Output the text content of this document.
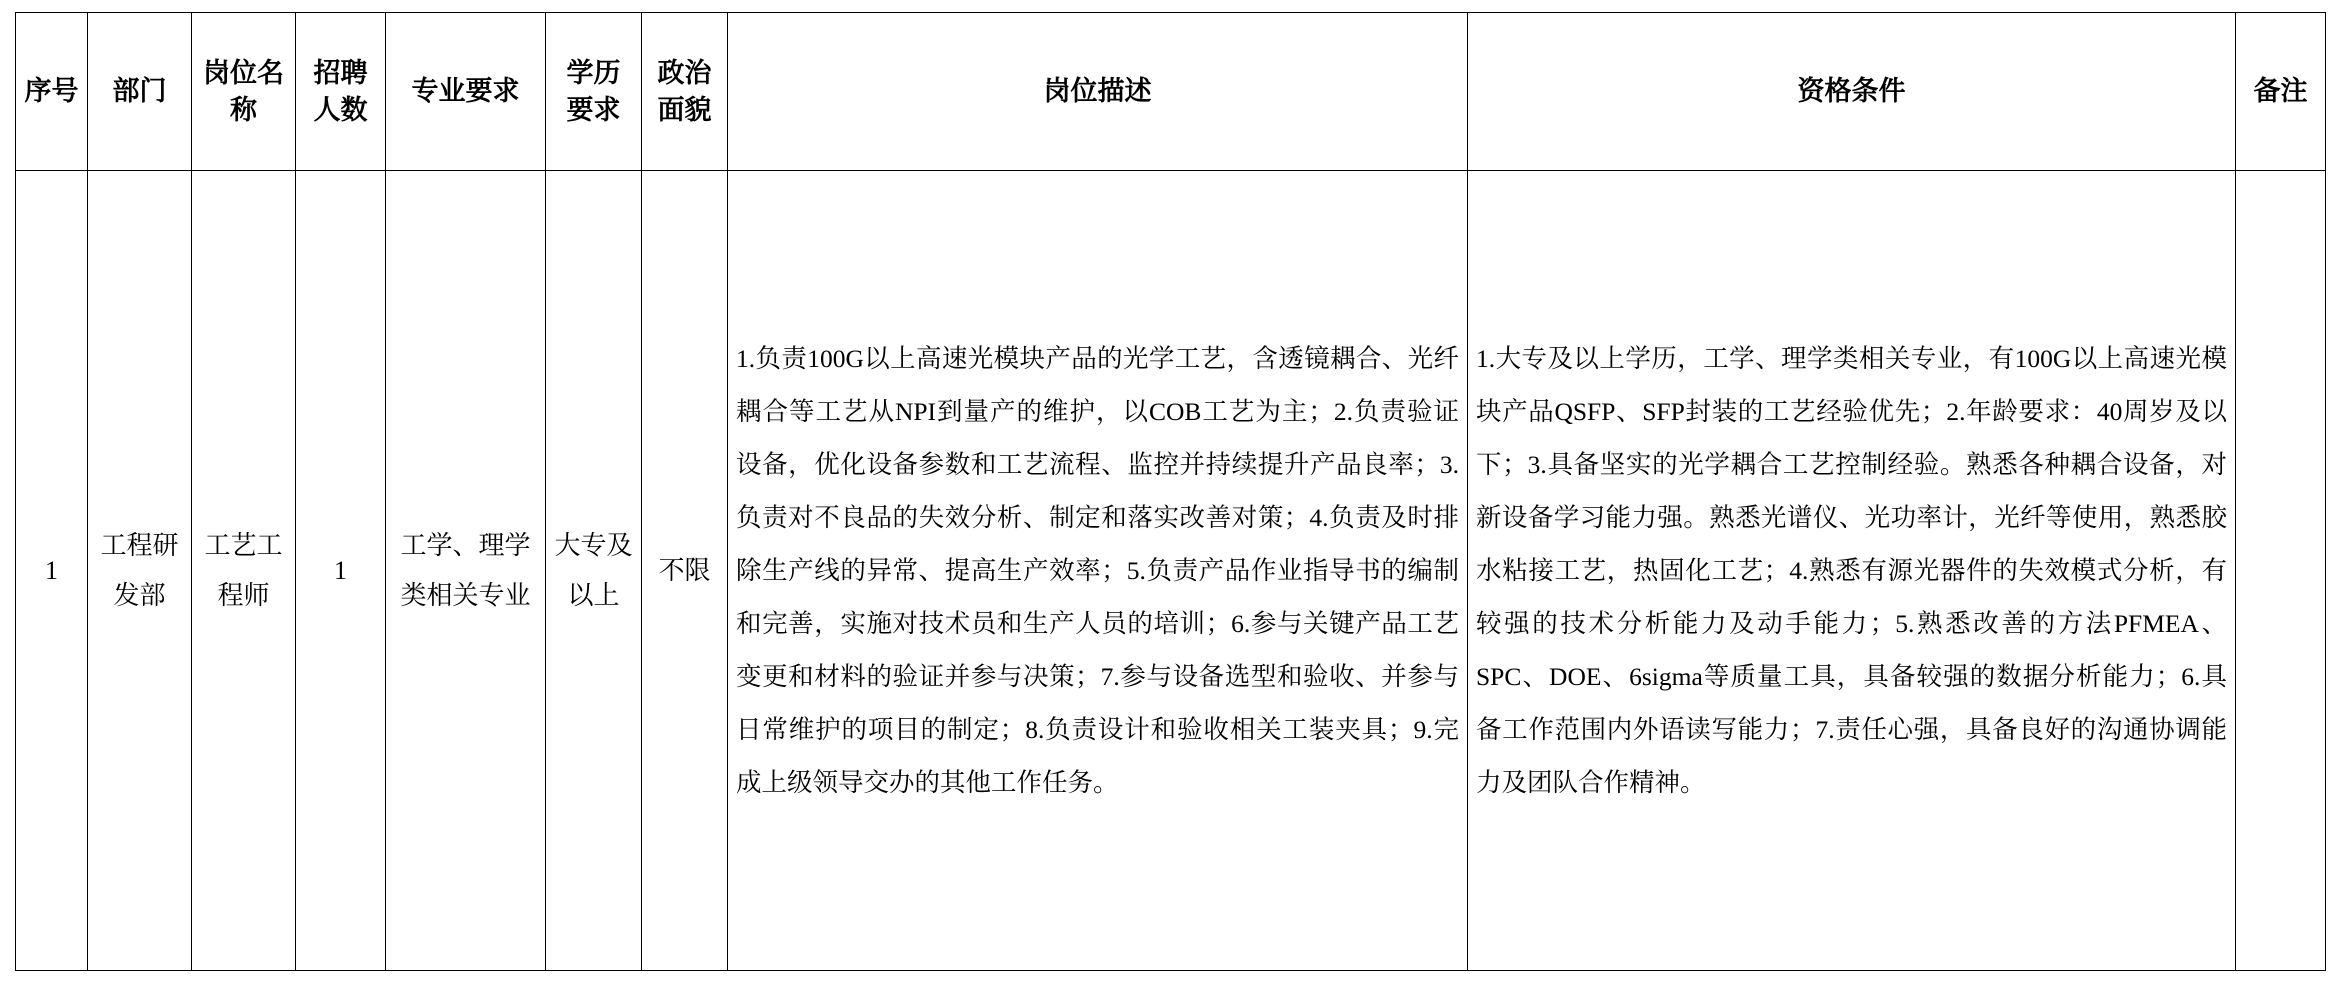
序号	部门	岗位名称	招聘人数	专业要求	学历要求	政治面貌	岗位描述	资格条件	备注

1	工程研发部	工艺工程师	1	工学、理学类相关专业	大专及以上	不限	1.负责100G以上高速光模块产品的光学工艺，含透镜耦合、光纤耦合等工艺从NPI到量产的维护，以COB工艺为主；2.负责验证设备，优化设备参数和工艺流程、监控并持续提升产品良率；3.负责对不良品的失效分析、制定和落实改善对策；4.负责及时排除生产线的异常、提高生产效率；5.负责产品作业指导书的编制和完善，实施对技术员和生产人员的培训；6.参与关键产品工艺变更和材料的验证并参与决策；7.参与设备选型和验收、并参与日常维护的项目的制定；8.负责设计和验收相关工装夹具；9.完成上级领导交办的其他工作任务。	1.大专及以上学历，工学、理学类相关专业，有100G以上高速光模块产品QSFP、SFP封装的工艺经验优先；2.年龄要求：40周岁及以下；3.具备坚实的光学耦合工艺控制经验。熟悉各种耦合设备，对新设备学习能力强。熟悉光谱仪、光功率计，光纤等使用，熟悉胶水粘接工艺，热固化工艺；4.熟悉有源光器件的失效模式分析，有较强的技术分析能力及动手能力；5.熟悉改善的方法PFMEA、SPC、DOE、6sigma等质量工具，具备较强的数据分析能力；6.具备工作范围内外语读写能力；7.责任心强，具备良好的沟通协调能力及团队合作精神。	
